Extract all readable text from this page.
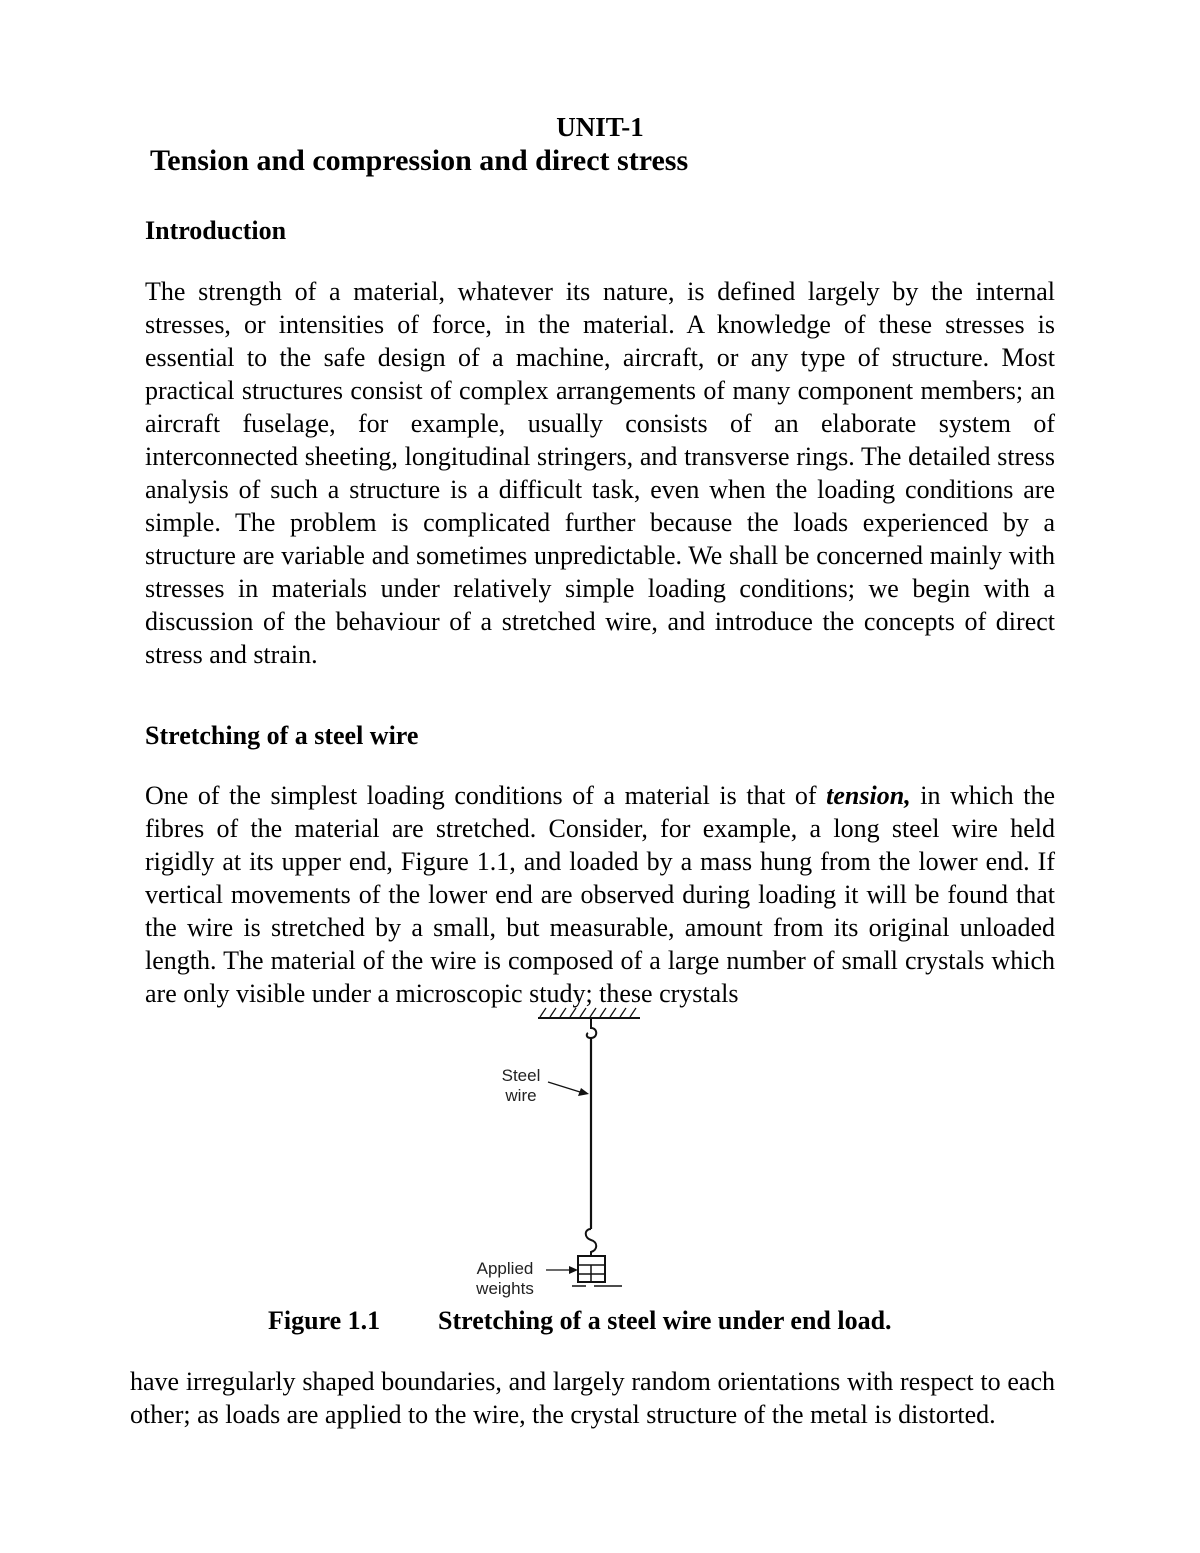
UNIT-1

Tension and compression and direct stress

Introduction

The strength of a material, whatever its nature, is defined largely by the internal stresses, or intensities of force, in the material. A knowledge of these stresses is essential to the safe design of a machine, aircraft, or any type of structure. Most practical structures consist of complex arrangements of many component members; an aircraft fuselage, for example, usually consists of an elaborate system of interconnected sheeting, longitudinal stringers, and transverse rings. The detailed stress analysis of such a structure is a difficult task, even when the loading conditions are simple. The problem is complicated further because the loads experienced by a structure are variable and sometimes unpredictable. We shall be concerned mainly with stresses in materials under relatively simple loading conditions; we begin with a discussion of the behaviour of a stretched wire, and introduce the concepts of direct stress and strain.

Stretching of a steel wire

One of the simplest loading conditions of a material is that of tension, in which the fibres of the material are stretched. Consider, for example, a long steel wire held rigidly at its upper end, Figure 1.1, and loaded by a mass hung from the lower end. If vertical movements of the lower end are observed during loading it will be found that the wire is stretched by a small, but measurable, amount from its original unloaded length. The material of the wire is composed of a large number of small crystals which are only visible under a microscopic study; these crystals

Steel
wire
Applied
weights

Figure 1.1 Stretching of a steel wire under end load.

have irregularly shaped boundaries, and largely random orientations with respect to each other; as loads are applied to the wire, the crystal structure of the metal is distorted.
